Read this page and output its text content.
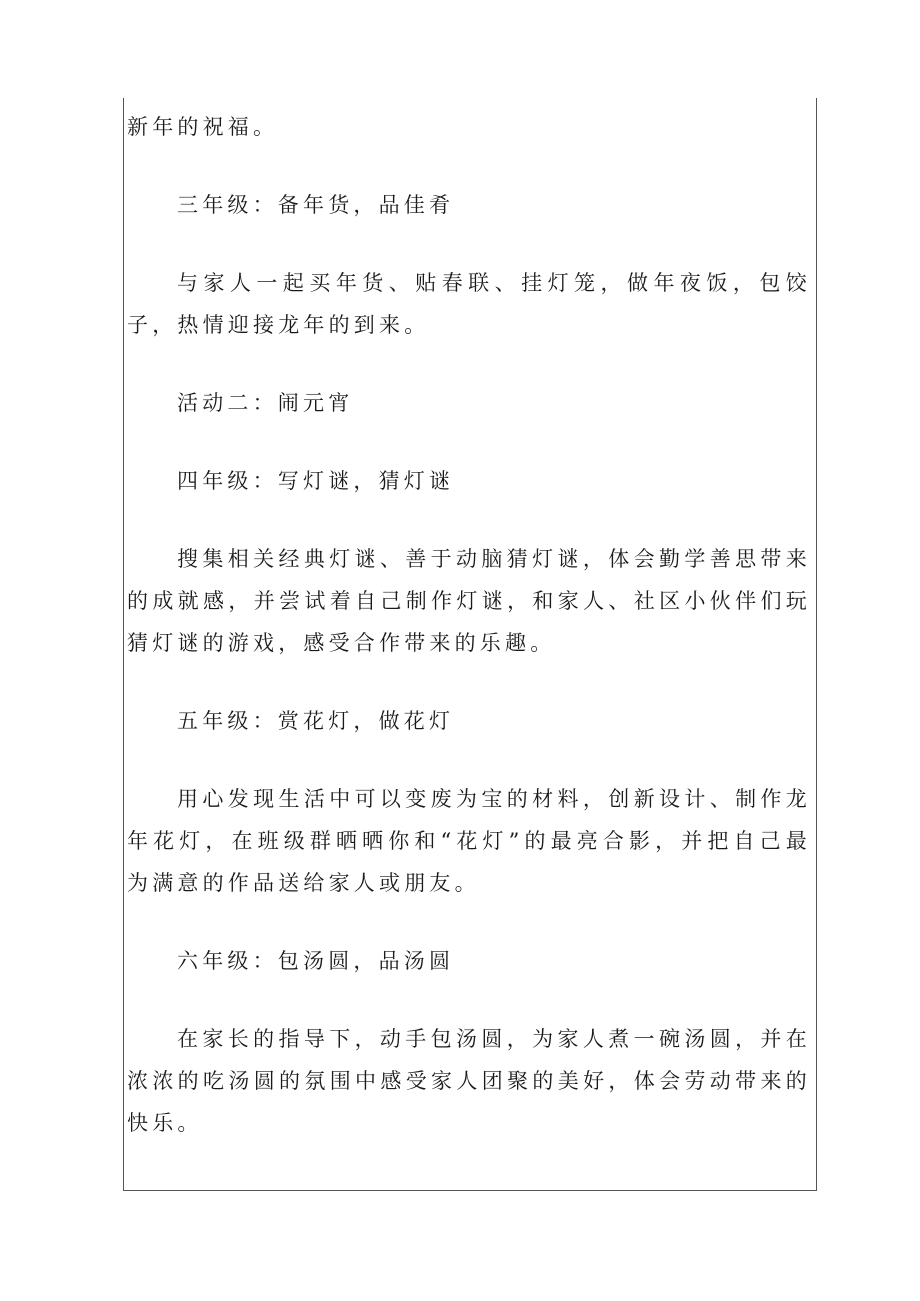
新年的祝福。

三年级：备年货，品佳肴

与家人一起买年货、贴春联、挂灯笼，做年夜饭，包饺子，热情迎接龙年的到来。

活动二：闹元宵

四年级：写灯谜，猜灯谜

搜集相关经典灯谜、善于动脑猜灯谜，体会勤学善思带来的成就感，并尝试着自己制作灯谜，和家人、社区小伙伴们玩猜灯谜的游戏，感受合作带来的乐趣。

五年级：赏花灯，做花灯

用心发现生活中可以变废为宝的材料，创新设计、制作龙年花灯，在班级群晒晒你和“花灯”的最亮合影，并把自己最为满意的作品送给家人或朋友。

六年级：包汤圆，品汤圆

在家长的指导下，动手包汤圆，为家人煮一碗汤圆，并在浓浓的吃汤圆的氛围中感受家人团聚的美好，体会劳动带来的快乐。
